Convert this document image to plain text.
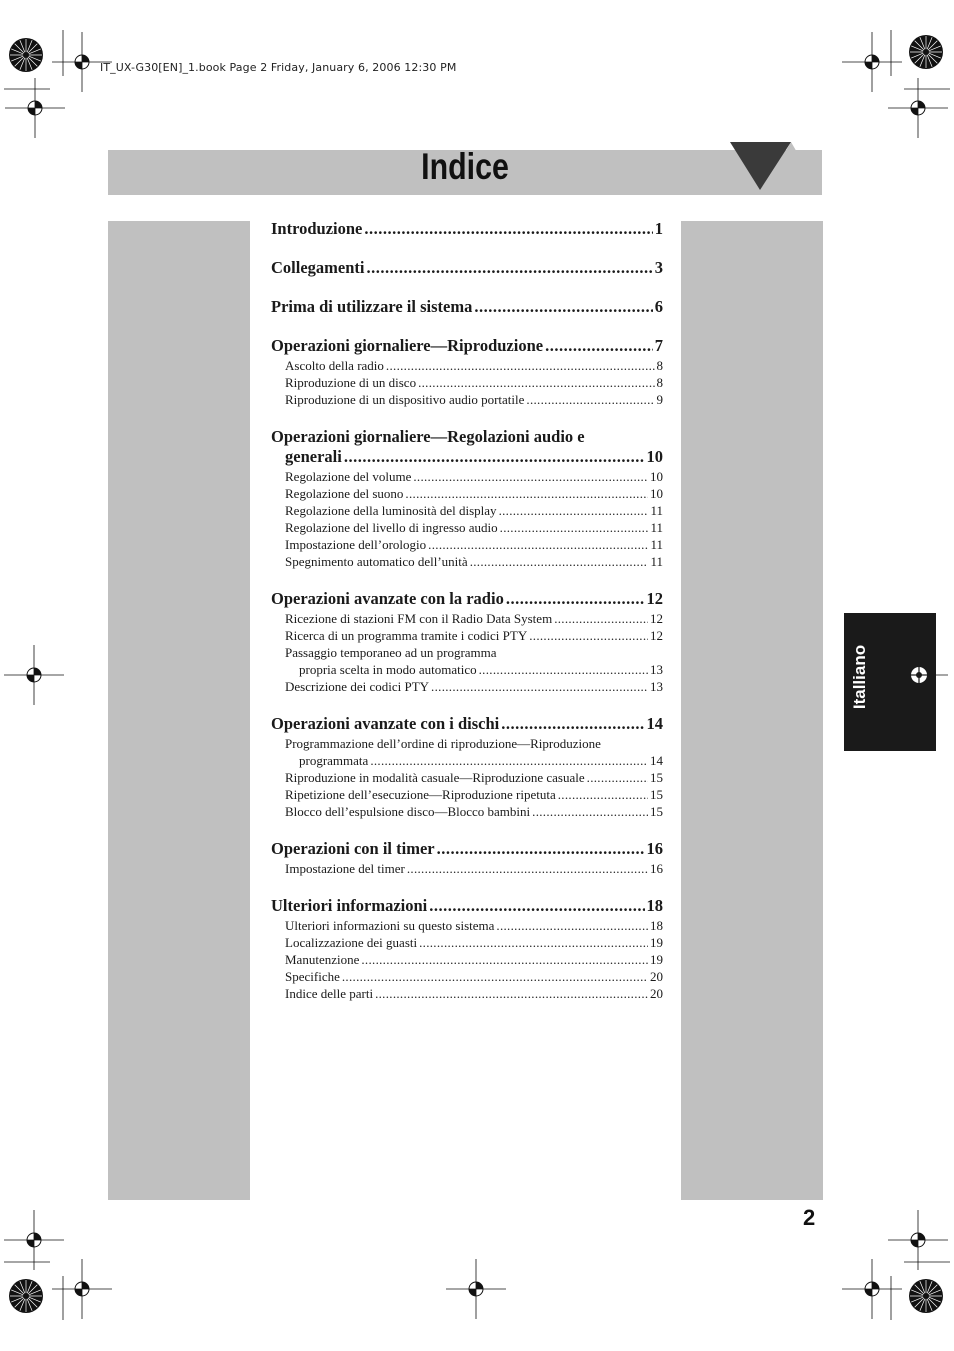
IT_UX-G30[EN]_1.book Page 2 Friday, January 6, 2006 12:30 PM
Indice
Introduzione .....	1
Collegamenti .....	3
Prima di utilizzare il sistema .....	6
Operazioni giornaliere—Riproduzione .....	7
Ascolto della radio .....	8
Riproduzione di un disco .....	8
Riproduzione di un dispositivo audio portatile .....	9
Operazioni giornaliere—Regolazioni audio e
generali .....	10
Regolazione del volume .....	10
Regolazione del suono .....	10
Regolazione della luminosità del display .....	11
Regolazione del livello di ingresso audio .....	11
Impostazione dell’orologio .....	11
Spegnimento automatico dell’unità .....	11
Operazioni avanzate con la radio .....	12
Ricezione di stazioni FM con il Radio Data System .....	12
Ricerca di un programma tramite i codici PTY .....	12
Passaggio temporaneo ad un programma
propria scelta in modo automatico .....	13
Descrizione dei codici PTY .....	13
Operazioni avanzate con i dischi .....	14
Programmazione dell’ordine di riproduzione—Riproduzione
programmata .....	14
Riproduzione in modalità casuale—Riproduzione casuale .....	15
Ripetizione dell’esecuzione—Riproduzione ripetuta .....	15
Blocco dell’espulsione disco—Blocco bambini .....	15
Operazioni con il timer .....	16
Impostazione del timer .....	16
Ulteriori informazioni .....	18
Ulteriori informazioni su questo sistema .....	18
Localizzazione dei guasti .....	19
Manutenzione .....	19
Specifiche .....	20
Indice delle parti .....	20
Italliano
2
